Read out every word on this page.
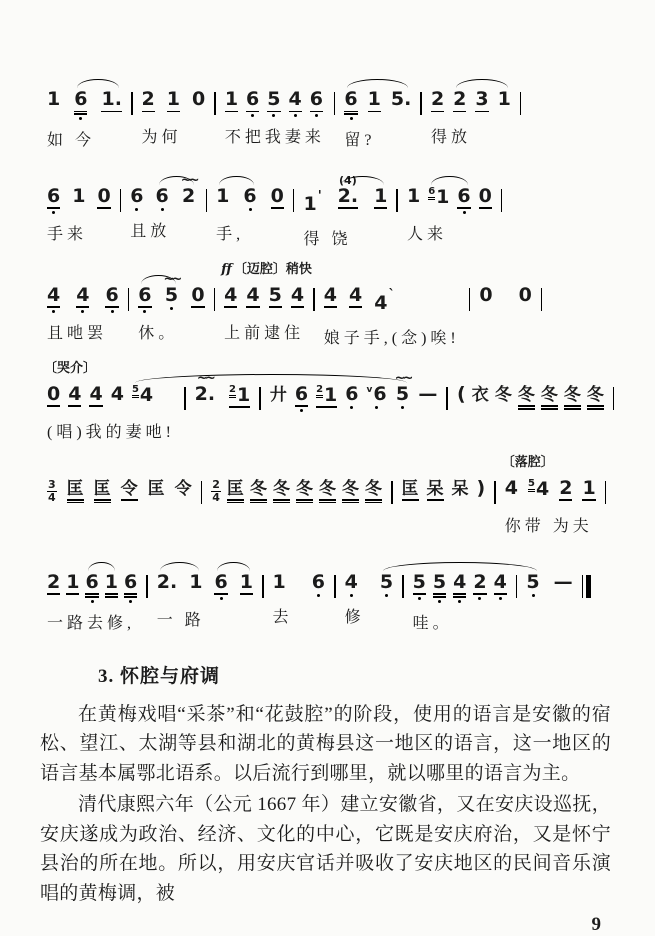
1 6 1.
如 今
2 1 0
为何
1 6 5 4 6
不把我妻来
6 1 5.
留?
2 2 3 1
得放
6 1 0
手来
6 6
~~
2
且放
1 6 0
手,
1 '
(4)
2. 1
得 饶
1 6 1 6 0
人来
4 4 6
且吔罢
6
~~
5 0
休。
ff 〔迈腔〕稍快
4 4 5 4
上前逮住
4 4 4 `
娘子手,(念)唉!
0 0
〔哭介〕
0 4 4 4 5 4
(唱)我的妻吔!
~~
2. 2 1 廾 6 2 1 6 v 6
~~
5 — ( 衣 冬 冬 冬 冬 冬
3
4 匡 匡 令 匡 令 2
4 匡 冬 冬 冬 冬 冬 冬 匡 呆 呆 )
〔落腔〕
4 5 4 2 1
你带 为夫
2 1 6 1 6
一路去修,
2. 1 6 1
一 路
1 6
去
4 5
修
5 5 4 2 4
哇。
5 —
3. 怀腔与府调

在黄梅戏唱“采茶”和“花鼓腔”的阶段，使用的语言是安徽的宿松、望江、太湖等县和湖北的黄梅县这一地区的语言，这一地区的语言基本属鄂北语系。以后流行到哪里，就以哪里的语言为主。

清代康熙六年（公元 1667 年）建立安徽省，又在安庆设巡抚，安庆遂成为政治、经济、文化的中心，它既是安庆府治，又是怀宁县治的所在地。所以，用安庆官话并吸收了安庆地区的民间音乐演唱的黄梅调，被

9
